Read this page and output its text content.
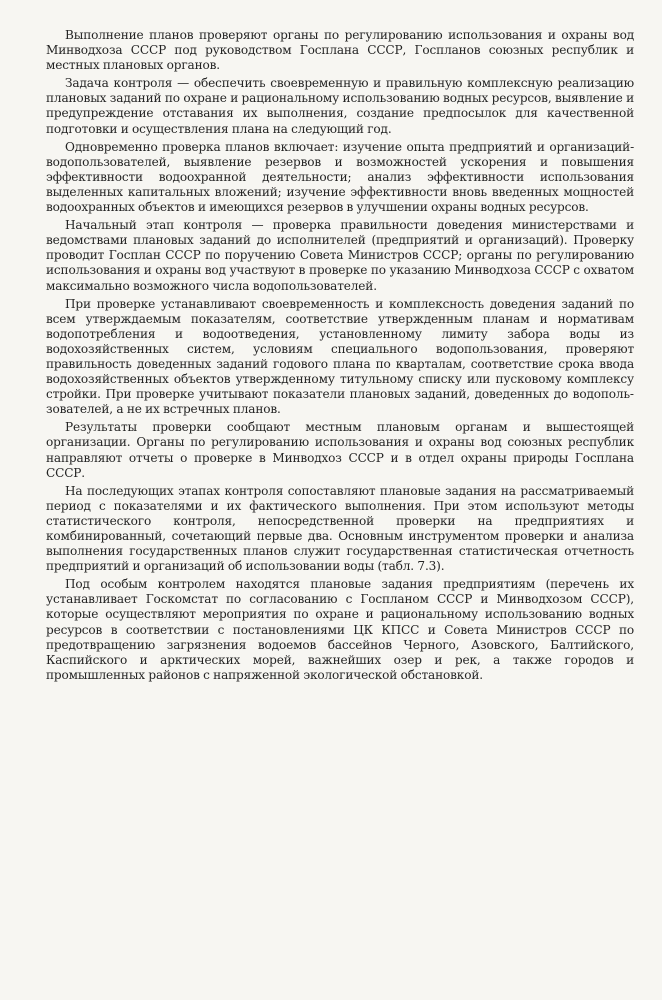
Выполнение планов проверяют органы по регулированию использования и охраны вод Минводхоза СССР под руководством Госплана СССР, Госпланов союзных республик и местных плановых органов.

Задача контроля — обеспечить своевременную и правильную комплексную реализацию плановых заданий по охране и рациональному использованию водных ресурсов, выявление и предупреждение отставания их выполнения, создание предпосылок для качественной подготовки и осуществления плана на следующий год.

Одновременно проверка планов включает: изучение опыта предприятий и организаций-водопользователей, выявление резервов и возможностей ускорения и повышения эффективности водоохранной деятельности; анализ эффективности использования выделенных капитальных вложений; изучение эффективности вновь введенных мощностей водоохранных объектов и имеющихся резервов в улучшении охраны водных ресурсов.

Начальный этап контроля — проверка правильности доведения министерствами и ведомствами плановых заданий до исполнителей (предприятий и организаций). Проверку проводит Госплан СССР по поручению Совета Министров СССР; органы по регулированию использования и охраны вод участвуют в проверке по указанию Минводхоза СССР с охватом максимально возможного числа водопользователей.

При проверке устанавливают своевременность и комплексность доведения заданий по всем утверждаемым показателям, соответствие утвержденным планам и нормативам водопотребления и водоотведения, установленному лимиту забора воды из водохозяйственных систем, условиям специального водопользования, проверяют правильность доведенных заданий годового плана по кварталам, соответствие срока ввода водохозяйственных объектов утвержденному титульному списку или пусковому комплексу стройки. При проверке учитывают показатели плановых заданий, доведенных до водопользователей, а не их встречных планов.

Результаты проверки сообщают местным плановым органам и вышестоящей организации. Органы по регулированию использования и охраны вод союзных республик направляют отчеты о проверке в Минводхоз СССР и в отдел охраны природы Госплана СССР.

На последующих этапах контроля сопоставляют плановые задания на рассматриваемый период с показателями и их фактического выполнения. При этом используют методы статистического контроля, непосредственной проверки на предприятиях и комбинированный, сочетающий первые два. Основным инструментом проверки и анализа выполнения государственных планов служит государственная статистическая отчетность предприятий и организаций об использовании воды (табл. 7.3).

Под особым контролем находятся плановые задания предприятиям (перечень их устанавливает Госкомстат по согласованию с Госпланом СССР и Минводхозом СССР), которые осуществляют мероприятия по охране и рациональному использованию водных ресурсов в соответствии с постановлениями ЦК КПСС и Совета Министров СССР по предотвращению загрязнения водоемов бассейнов Черного, Азовского, Балтийского, Каспийского и арктических морей, важнейших озер и рек, а также городов и промышленных районов с напряженной экологической обстановкой.
